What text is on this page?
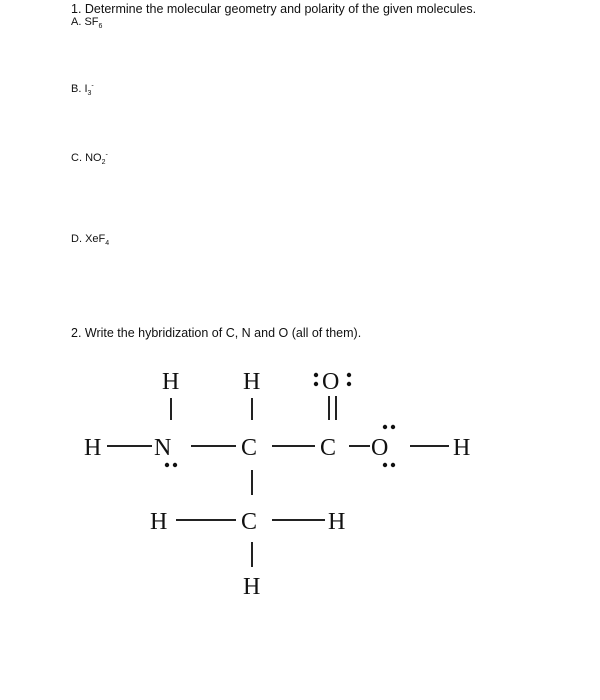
1. Determine the molecular geometry and polarity of the given molecules.
A. $SF_6$
B. $I_3^-$
C. $NO_2^-$
D. XeF$_4$
2. Write the hybridization of C, N and O (all of them).
H	H	O
H N	C	C O	H
H	C	H
H
